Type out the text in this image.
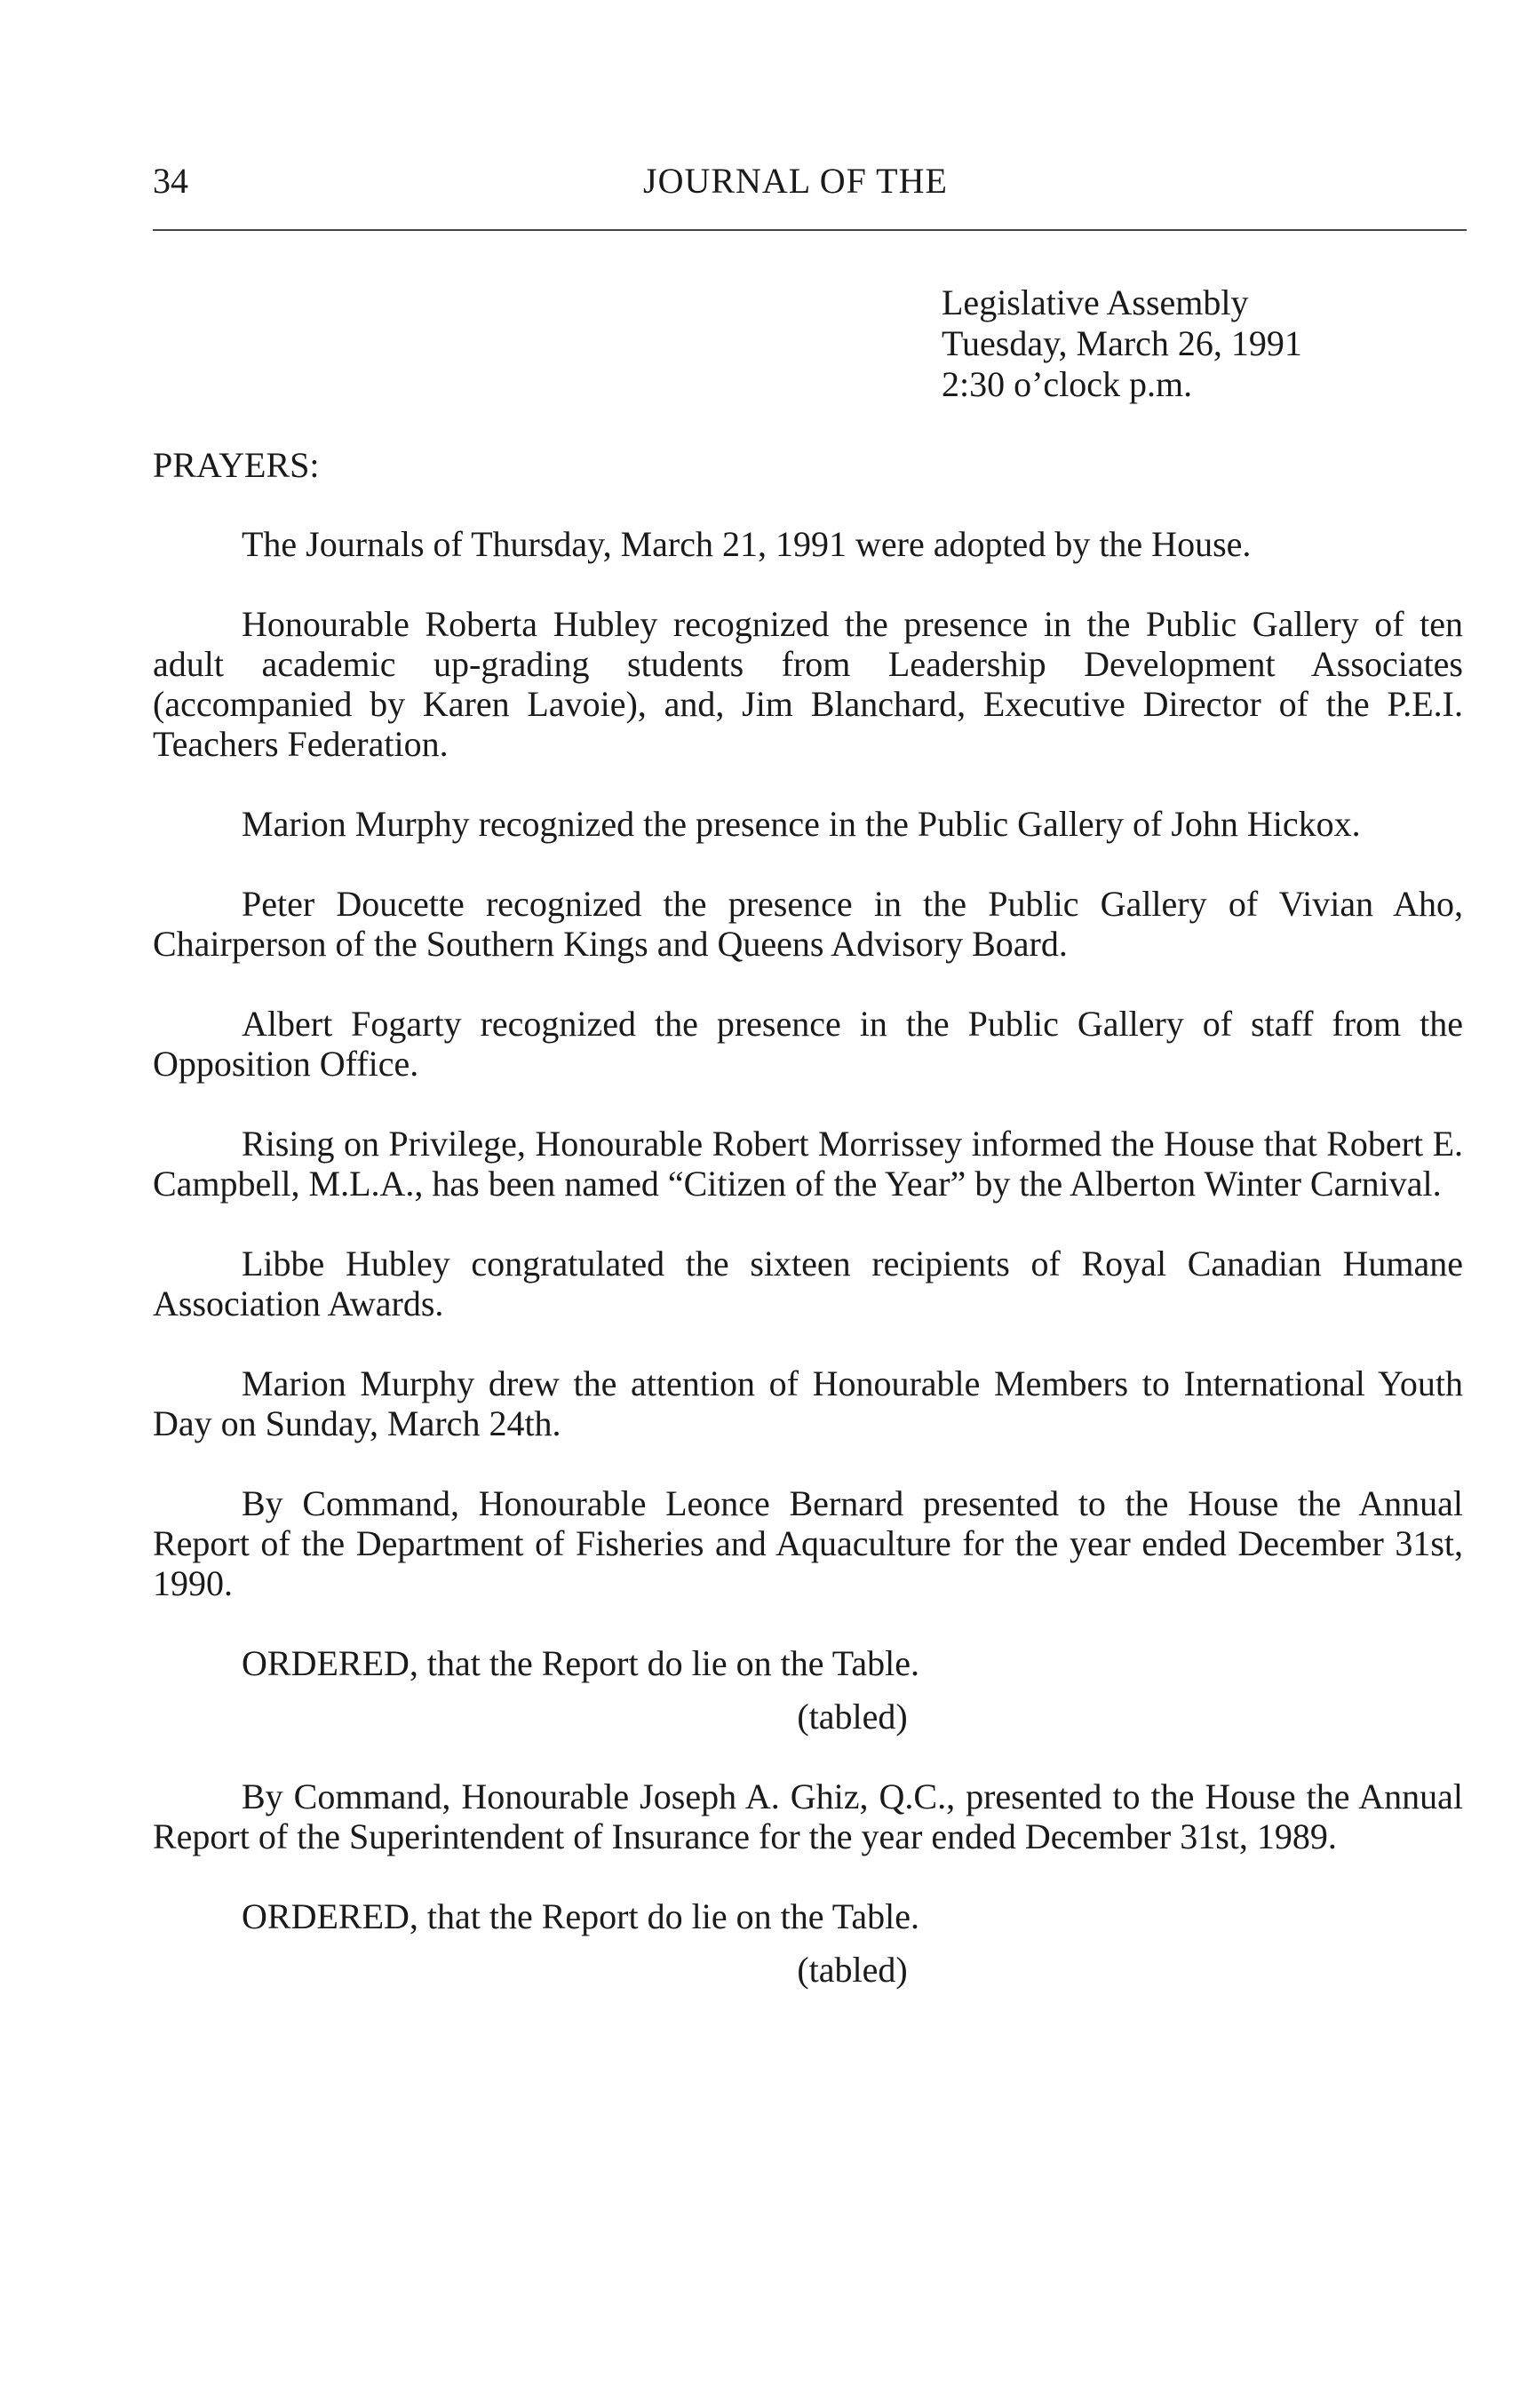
34	JOURNAL OF THE
Legislative Assembly
Tuesday, March 26, 1991
2:30 o’clock p.m.
PRAYERS:

The Journals of Thursday, March 21, 1991 were adopted by the House.

Honourable Roberta Hubley recognized the presence in the Public Gallery of ten adult academic up-grading students from Leadership Development Associates (accompanied by Karen Lavoie), and, Jim Blanchard, Executive Director of the P.E.I. Teachers Federation.

Marion Murphy recognized the presence in the Public Gallery of John Hickox.

Peter Doucette recognized the presence in the Public Gallery of Vivian Aho, Chairperson of the Southern Kings and Queens Advisory Board.

Albert Fogarty recognized the presence in the Public Gallery of staff from the Opposition Office.

Rising on Privilege, Honourable Robert Morrissey informed the House that Robert E. Campbell, M.L.A., has been named “Citizen of the Year” by the Alberton Winter Carnival.

Libbe Hubley congratulated the sixteen recipients of Royal Canadian Humane Association Awards.

Marion Murphy drew the attention of Honourable Members to International Youth Day on Sunday, March 24th.

By Command, Honourable Leonce Bernard presented to the House the Annual Report of the Department of Fisheries and Aquaculture for the year ended December 31st, 1990.

ORDERED, that the Report do lie on the Table.

(tabled)

By Command, Honourable Joseph A. Ghiz, Q.C., presented to the House the Annual Report of the Superintendent of Insurance for the year ended December 31st, 1989.

ORDERED, that the Report do lie on the Table.

(tabled)
